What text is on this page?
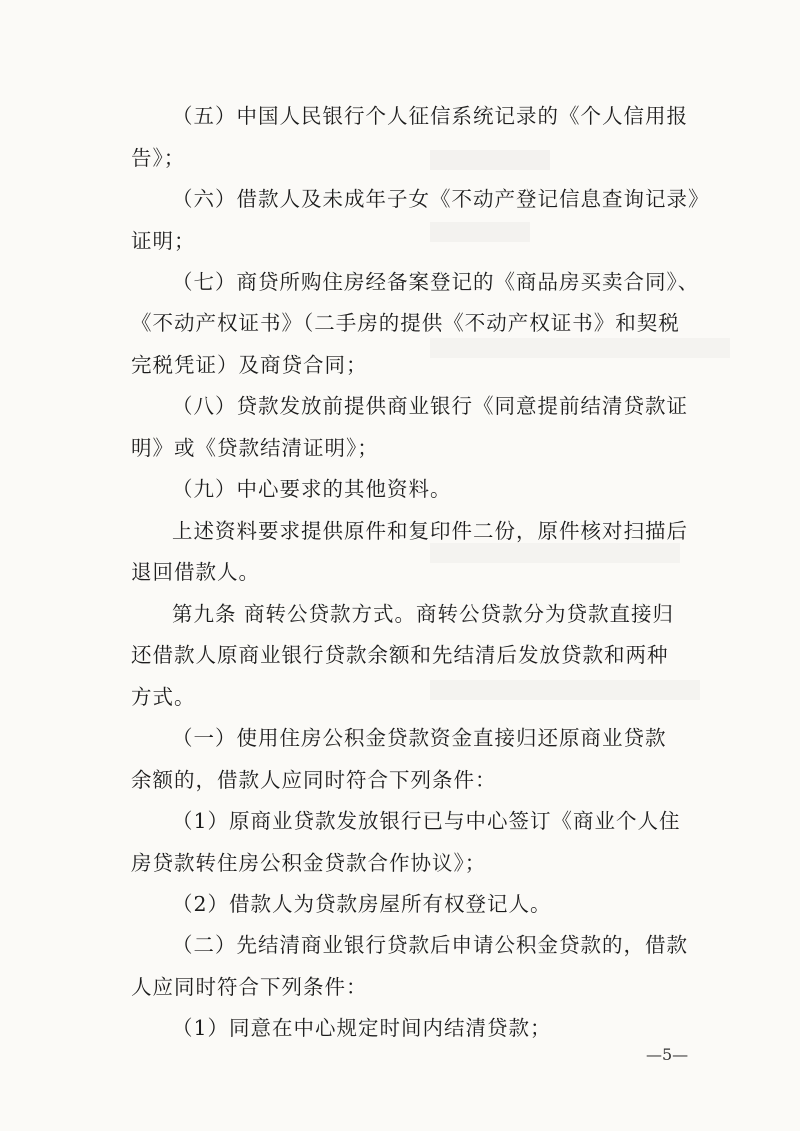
（五）中国人民银行个人征信系统记录的《个人信用报
告》；
（六）借款人及未成年子女《不动产登记信息查询记录》
证明；
（七）商贷所购住房经备案登记的《商品房买卖合同》、
《不动产权证书》（二手房的提供《不动产权证书》和契税
完税凭证）及商贷合同；
（八）贷款发放前提供商业银行《同意提前结清贷款证
明》或《贷款结清证明》；
（九）中心要求的其他资料。
上述资料要求提供原件和复印件二份，原件核对扫描后
退回借款人。
第九条 商转公贷款方式。商转公贷款分为贷款直接归
还借款人原商业银行贷款余额和先结清后发放贷款和两种
方式。
（一）使用住房公积金贷款资金直接归还原商业贷款
余额的，借款人应同时符合下列条件：
（1）原商业贷款发放银行已与中心签订《商业个人住
房贷款转住房公积金贷款合作协议》；
（2）借款人为贷款房屋所有权登记人。
（二）先结清商业银行贷款后申请公积金贷款的，借款
人应同时符合下列条件：
（1）同意在中心规定时间内结清贷款；
—5—
